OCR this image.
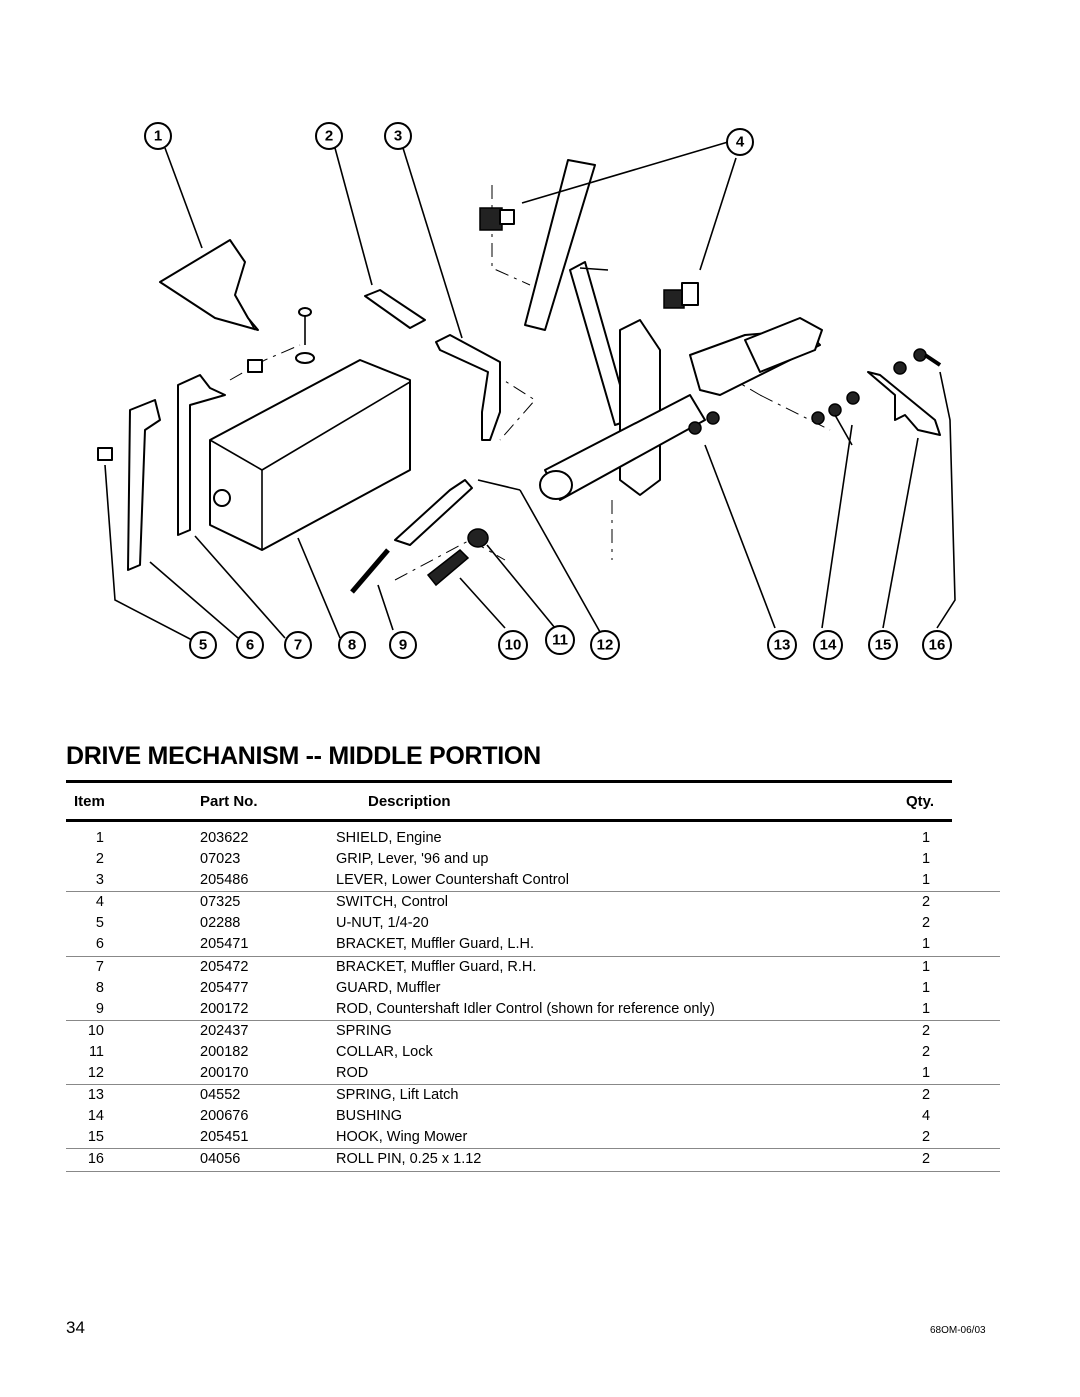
1	2	3	4
5	6	7	8	9	10 11 12	13 14	15 16
DRIVE MECHANISM -- MIDDLE PORTION
Item	Part No.	Description	Qty.
1	203622	SHIELD, Engine	1
2	07023	GRIP, Lever, '96 and up	1
3	205486	LEVER, Lower Countershaft Control	1
4	07325	SWITCH, Control	2
5	02288	U-NUT, 1/4-20	2
6	205471	BRACKET, Muffler Guard, L.H.	1
7	205472	BRACKET, Muffler Guard, R.H.	1
8	205477	GUARD, Muffler	1
9	200172	ROD, Countershaft Idler Control (shown for reference only)	1
10	202437	SPRING	2
11	200182	COLLAR, Lock	2
12	200170	ROD	1
13	04552	SPRING, Lift Latch	2
14	200676	BUSHING	4
15	205451	HOOK, Wing Mower	2
16	04056	ROLL PIN, 0.25 x 1.12	2
34	68OM-06/03
